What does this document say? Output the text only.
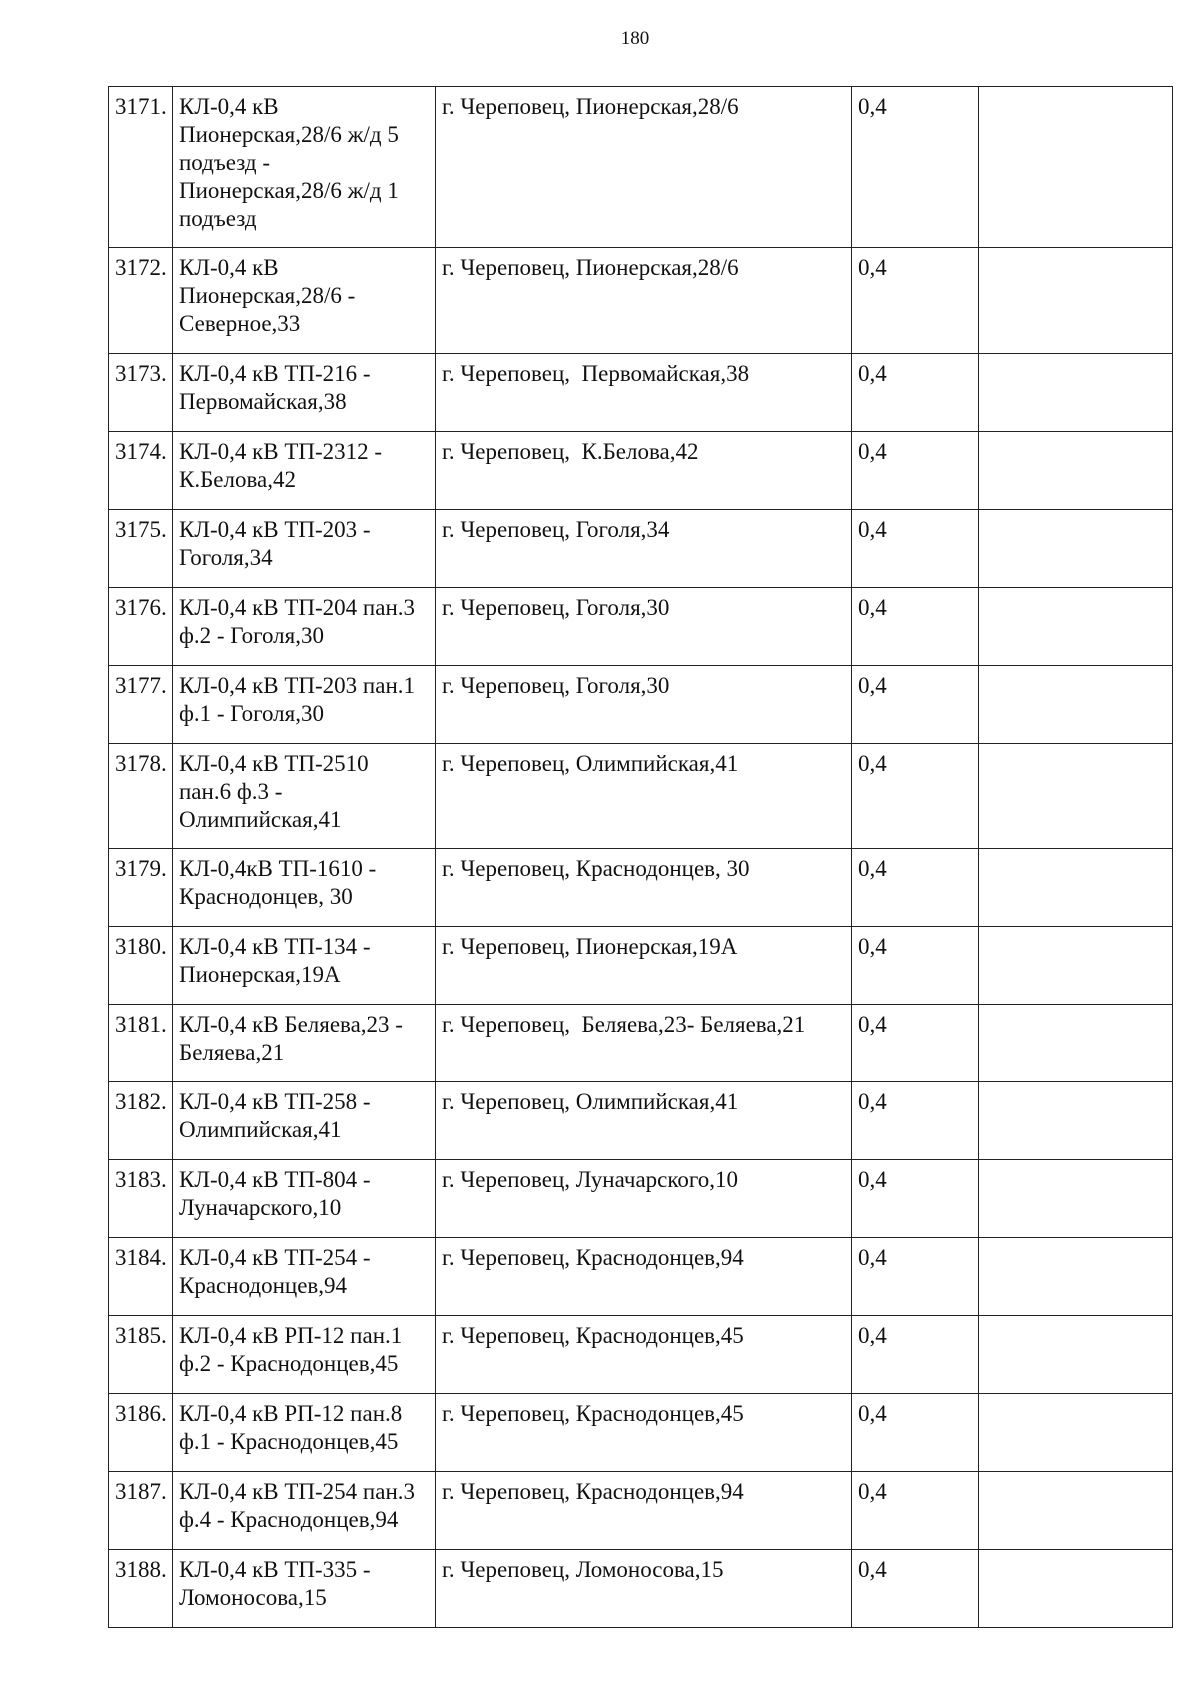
180
3171.	КЛ-0,4 кВ
Пионерская,28/6 ж/д 5
подъезд -
Пионерская,28/6 ж/д 1
подъезд	г. Череповец, Пионерская,28/6	0,4	
3172.	КЛ-0,4 кВ
Пионерская,28/6 -
Северное,33	г. Череповец, Пионерская,28/6	0,4	
3173.	КЛ-0,4 кВ ТП-216 -
Первомайская,38	г. Череповец,  Первомайская,38	0,4	
3174.	КЛ-0,4 кВ ТП-2312 -
К.Белова,42	г. Череповец,  К.Белова,42	0,4	
3175.	КЛ-0,4 кВ ТП-203 -
Гоголя,34	г. Череповец, Гоголя,34	0,4	
3176.	КЛ-0,4 кВ ТП-204 пан.3
ф.2 - Гоголя,30	г. Череповец, Гоголя,30	0,4	
3177.	КЛ-0,4 кВ ТП-203 пан.1
ф.1 - Гоголя,30	г. Череповец, Гоголя,30	0,4	
3178.	КЛ-0,4 кВ ТП-2510
пан.6 ф.3 -
Олимпийская,41	г. Череповец, Олимпийская,41	0,4	
3179.	КЛ-0,4кВ ТП-1610 -
Краснодонцев, 30	г. Череповец, Краснодонцев, 30	0,4	
3180.	КЛ-0,4 кВ ТП-134 -
Пионерская,19А	г. Череповец, Пионерская,19А	0,4	
3181.	КЛ-0,4 кВ Беляева,23 -
Беляева,21	г. Череповец,  Беляева,23- Беляева,21	0,4	
3182.	КЛ-0,4 кВ ТП-258 -
Олимпийская,41	г. Череповец, Олимпийская,41	0,4	
3183.	КЛ-0,4 кВ ТП-804 -
Луначарского,10	г. Череповец, Луначарского,10	0,4	
3184.	КЛ-0,4 кВ ТП-254 -
Краснодонцев,94	г. Череповец, Краснодонцев,94	0,4	
3185.	КЛ-0,4 кВ РП-12 пан.1
ф.2 - Краснодонцев,45	г. Череповец, Краснодонцев,45	0,4	
3186.	КЛ-0,4 кВ РП-12 пан.8
ф.1 - Краснодонцев,45	г. Череповец, Краснодонцев,45	0,4	
3187.	КЛ-0,4 кВ ТП-254 пан.3
ф.4 - Краснодонцев,94	г. Череповец, Краснодонцев,94	0,4	
3188.	КЛ-0,4 кВ ТП-335 -
Ломоносова,15	г. Череповец, Ломоносова,15	0,4	
